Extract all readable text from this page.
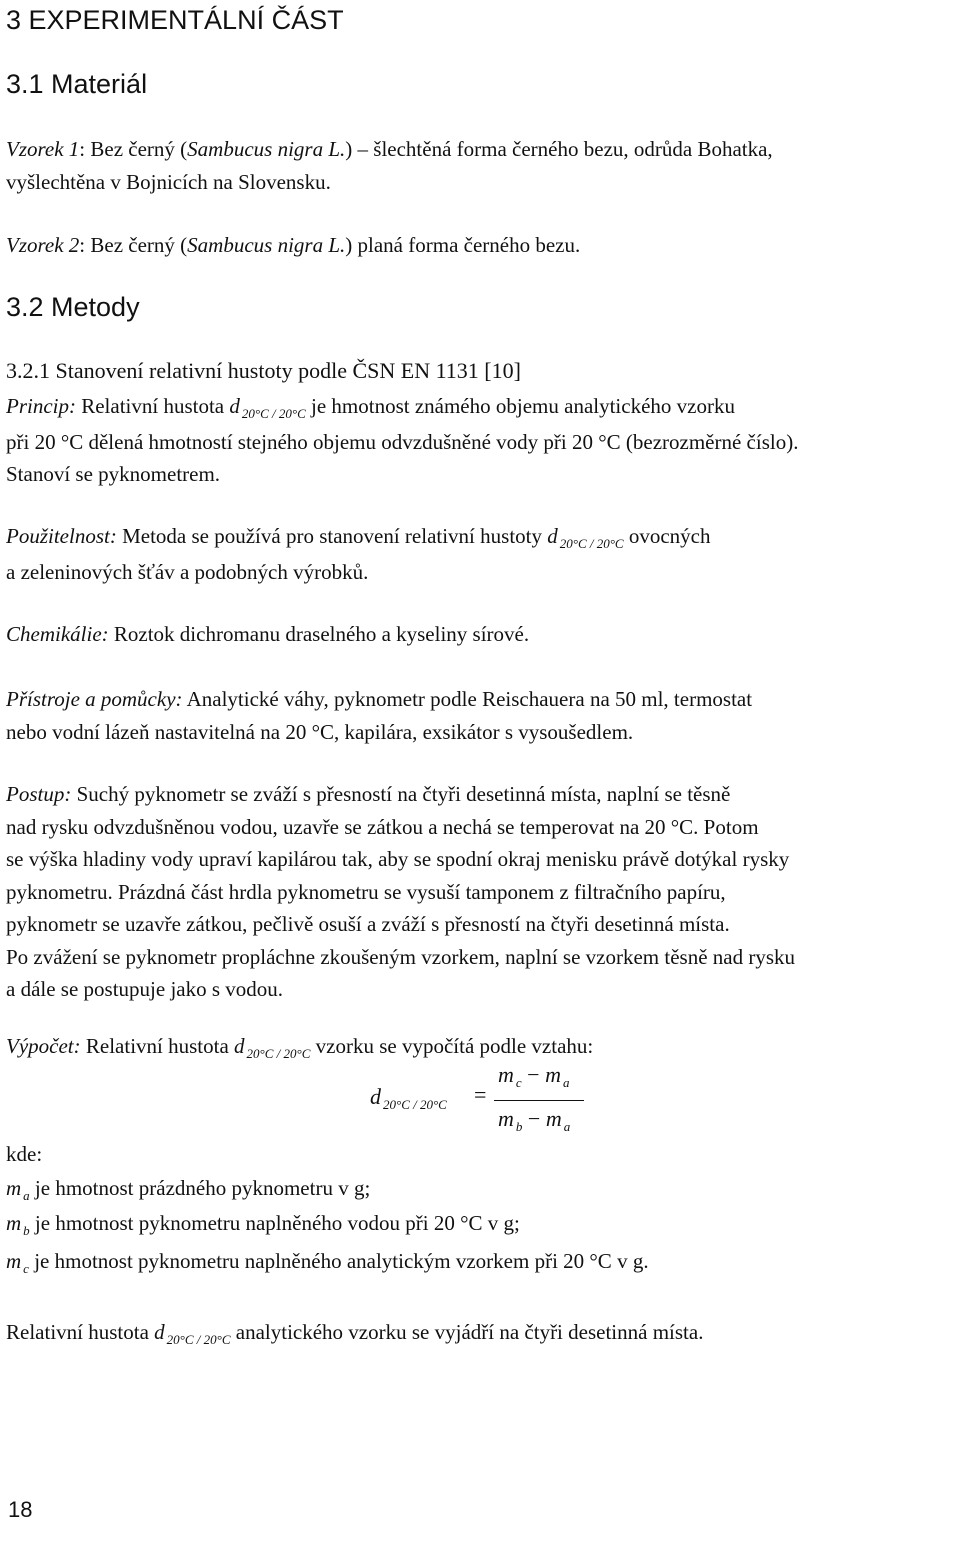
3 EXPERIMENTÁLNÍ ČÁST
3.1 Materiál
Vzorek 1: Bez černý (Sambucus nigra L.) – šlechtěná forma černého bezu, odrůda Bohatka,
vyšlechtěna v Bojnicích na Slovensku.
Vzorek 2: Bez černý (Sambucus nigra L.) planá forma černého bezu.
3.2 Metody
3.2.1 Stanovení relativní hustoty podle ČSN EN 1131 [10]
Princip: Relativní hustota d $_{20^\circ C / 20^\circ C}$ je hmotnost známého objemu analytického vzorku
při 20 °C dělená hmotností stejného objemu odvzdušněné vody při 20 °C (bezrozměrné číslo).
Stanoví se pyknometrem.
Použitelnost: Metoda se používá pro stanovení relativní hustoty d $_{20^\circ C / 20^\circ C}$ ovocných
a zeleninových šťáv a podobných výrobků.
Chemikálie: Roztok dichromanu draselného a kyseliny sírové.
Přístroje a pomůcky: Analytické váhy, pyknometr podle Reischauera na 50 ml, termostat
nebo vodní lázeň nastavitelná na 20 °C, kapilára, exsikátor s vysoušedlem.
Postup: Suchý pyknometr se zváží s přesností na čtyři desetinná místa, naplní se těsně
nad rysku odvzdušněnou vodou, uzavře se zátkou a nechá se temperovat na 20 °C. Potom
se výška hladiny vody upraví kapilárou tak, aby se spodní okraj menisku právě dotýkal rysky
pyknometru. Prázdná část hrdla pyknometru se vysuší tamponem z filtračního papíru,
pyknometr se uzavře zátkou, pečlivě osuší a zváží s přesností na čtyři desetinná místa.
Po zvážení se pyknometr propláchne zkoušeným vzorkem, naplní se vzorkem těsně nad rysku
a dále se postupuje jako s vodou.
Výpočet: Relativní hustota d $_{20^\circ C / 20^\circ C}$ vzorku se vypočítá podle vztahu:
d $_{20^\circ C / 20^\circ C}$ =
m $_c$ − m $_a$
m $_b$ − m $_a$
kde:
m $_a$ je hmotnost prázdného pyknometru v g;
m $_b$ je hmotnost pyknometru naplněného vodou při 20 °C v g;
m $_c$ je hmotnost pyknometru naplněného analytickým vzorkem při 20 °C v g.
Relativní hustota d $_{20^\circ C / 20^\circ C}$ analytického vzorku se vyjádří na čtyři desetinná místa.
18
